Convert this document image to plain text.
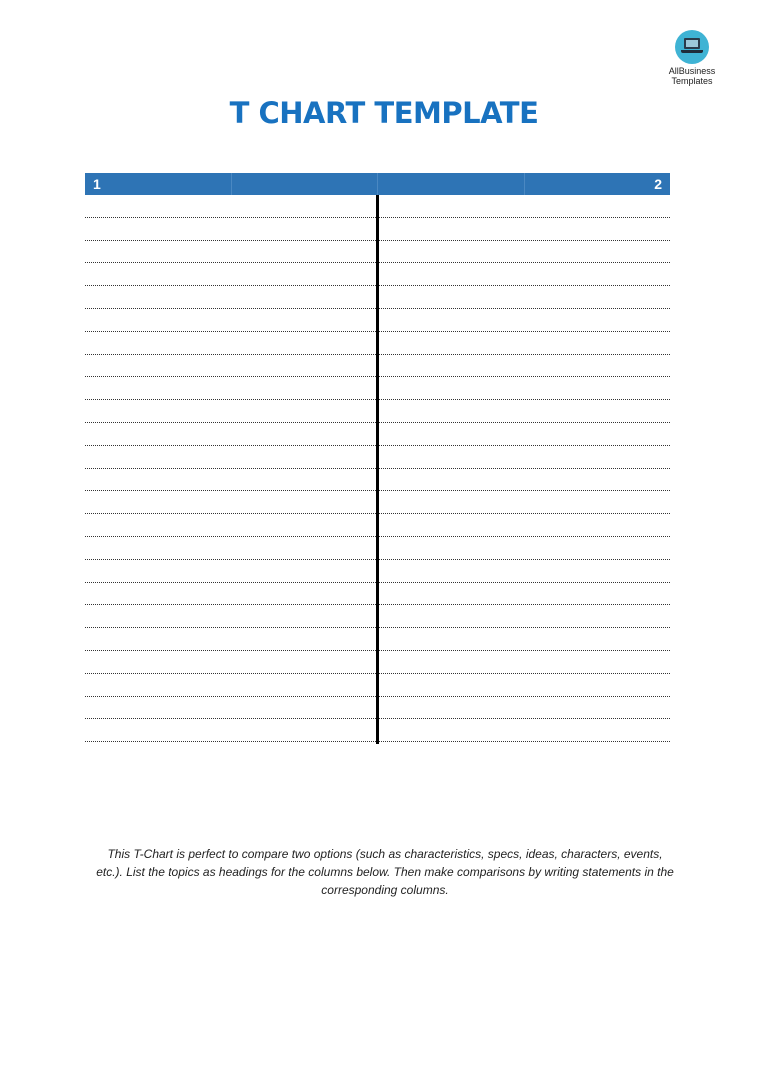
AllBusiness
Templates
T CHART TEMPLATE
1	2
This T-Chart is perfect to compare two options (such as characteristics, specs, ideas, characters, events, etc.). List the topics as headings for the columns below. Then make comparisons by writing statements in the corresponding columns.
